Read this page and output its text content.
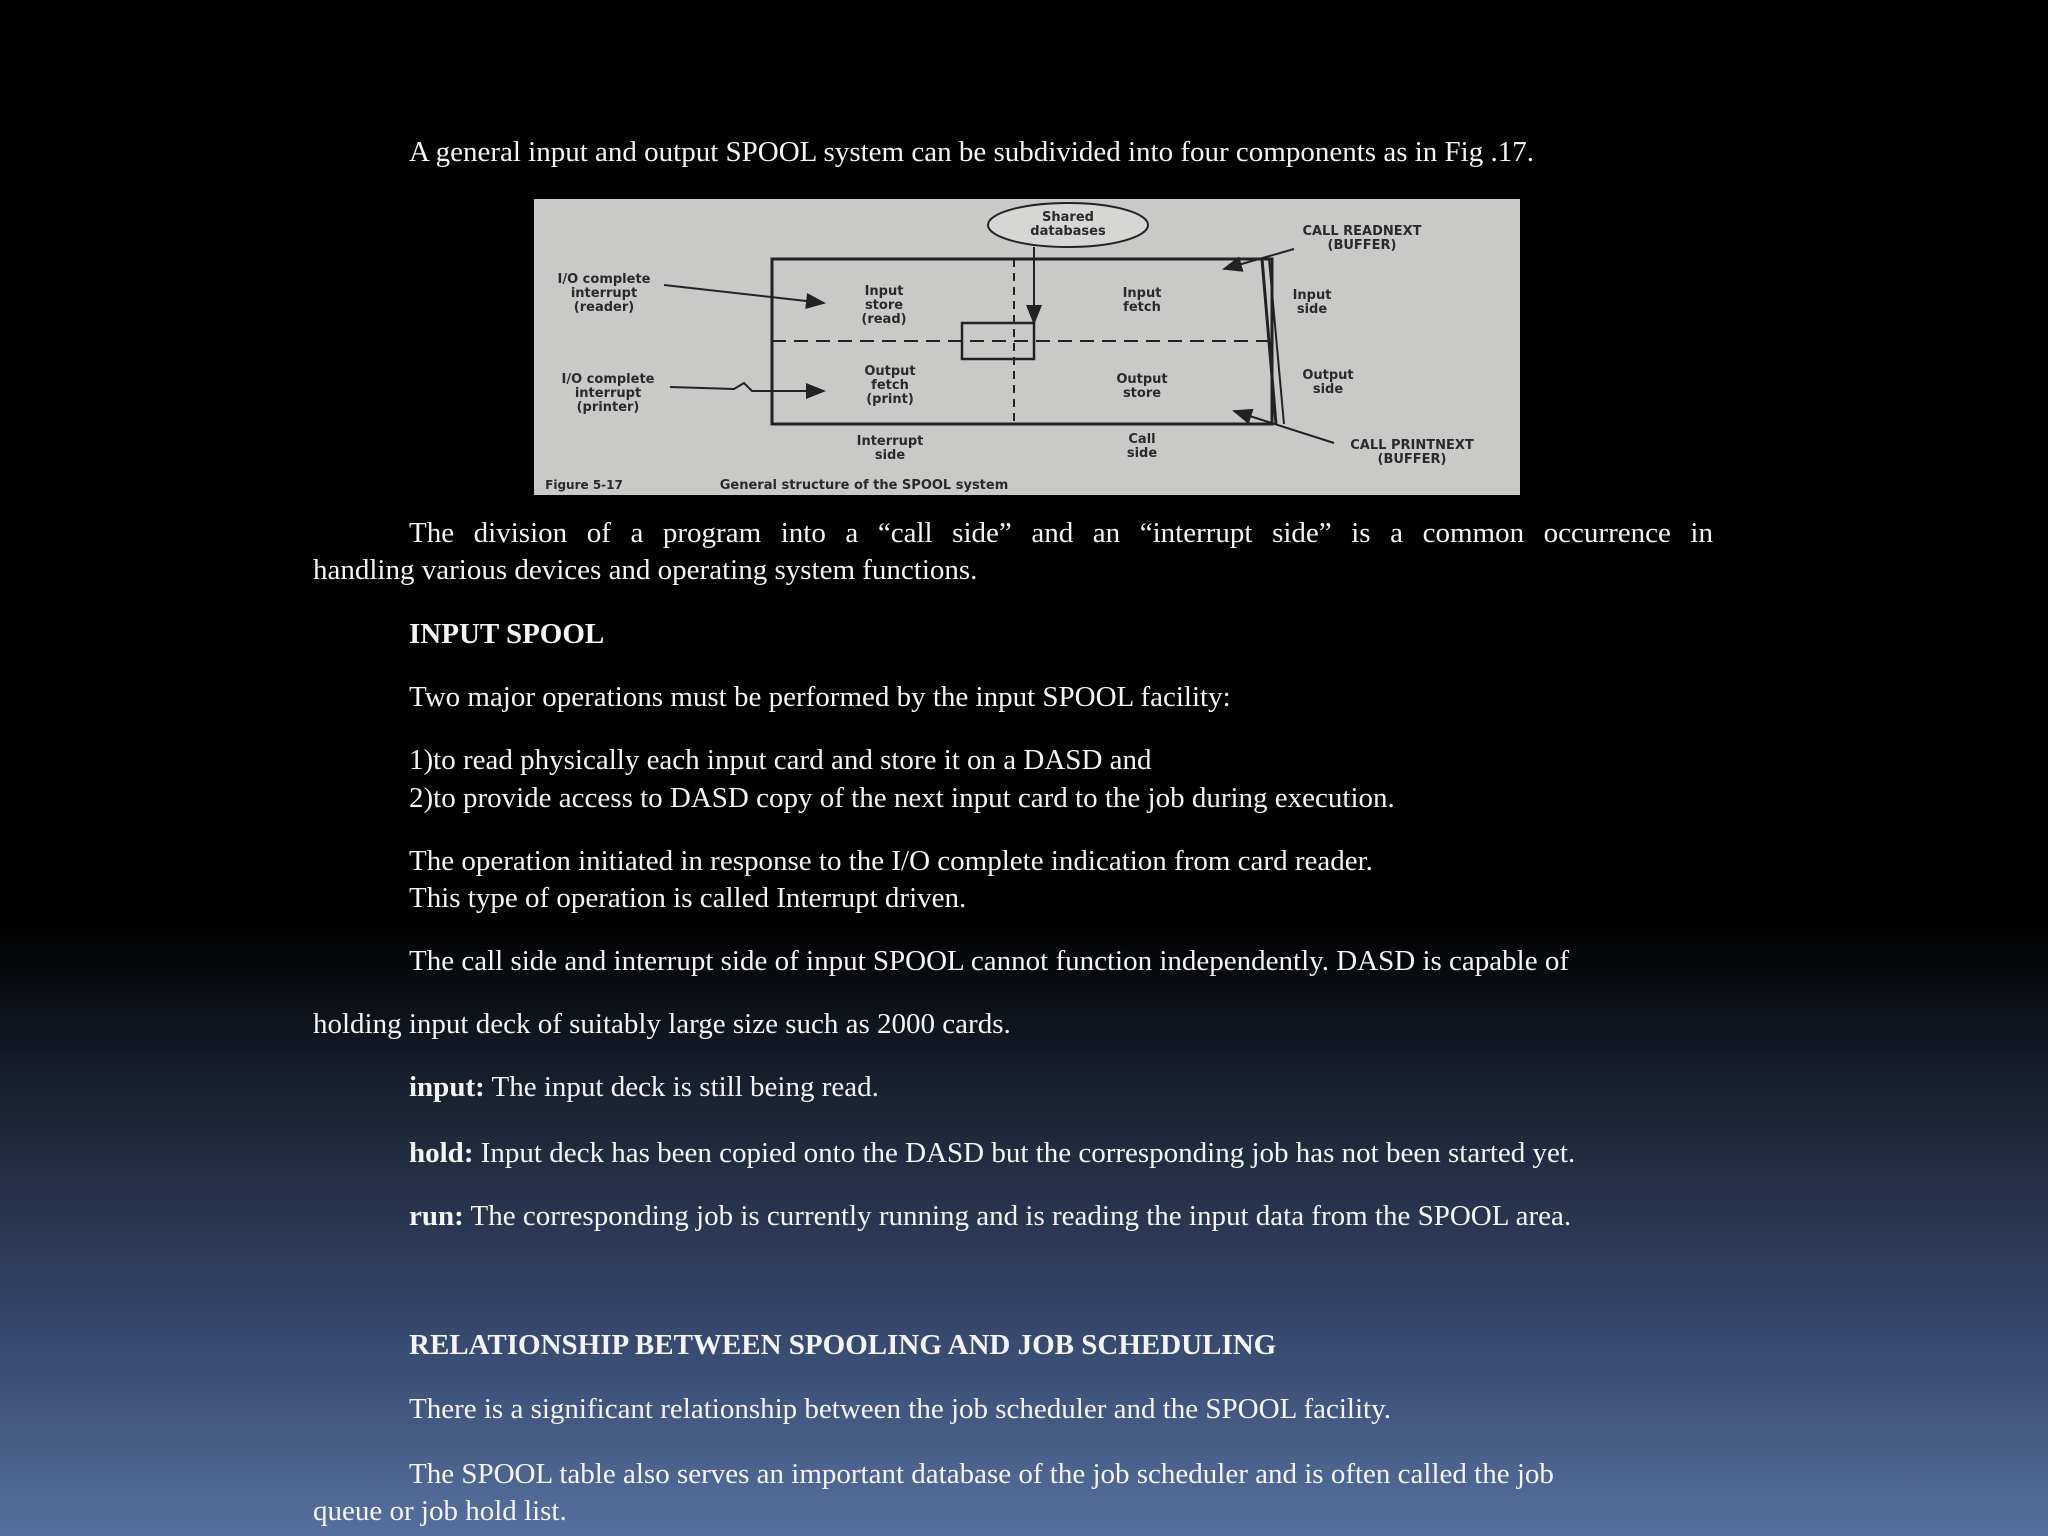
A general input and output SPOOL system can be subdivided into four components as in Fig .17.

Shared
databases
Input
store
(read)
Input
fetch
Output
fetch
(print)
Output
store
I/O complete
interrupt
(reader)
I/O complete
interrupt
(printer)
CALL READNEXT
(BUFFER)
Input
side
Output
side
CALL PRINTNEXT
(BUFFER)
Interrupt
side
Call
side
Figure 5-17	General structure of the SPOOL system

The division of a program into a “call side” and an “interrupt side” is a common occurrence in

handling various devices and operating system functions.

INPUT SPOOL

Two major operations must be performed by the input SPOOL facility:

1)to read physically each input card and store it on a DASD and

2)to provide access to DASD copy of the next input card to the job during execution.

The operation initiated in response to the I/O complete indication from card reader.

This type of operation is called Interrupt driven.

The call side and interrupt side of input SPOOL cannot function independently. DASD is capable of

holding input deck of suitably large size such as 2000 cards.

input: The input deck is still being read.

hold: Input deck has been copied onto the DASD but the corresponding job has not been started yet.

run: The corresponding job is currently running and is reading the input data from the SPOOL area.

RELATIONSHIP BETWEEN SPOOLING AND JOB SCHEDULING

There is a significant relationship between the job scheduler and the SPOOL facility.

The SPOOL table also serves an important database of the job scheduler and is often called the job

queue or job hold list.
